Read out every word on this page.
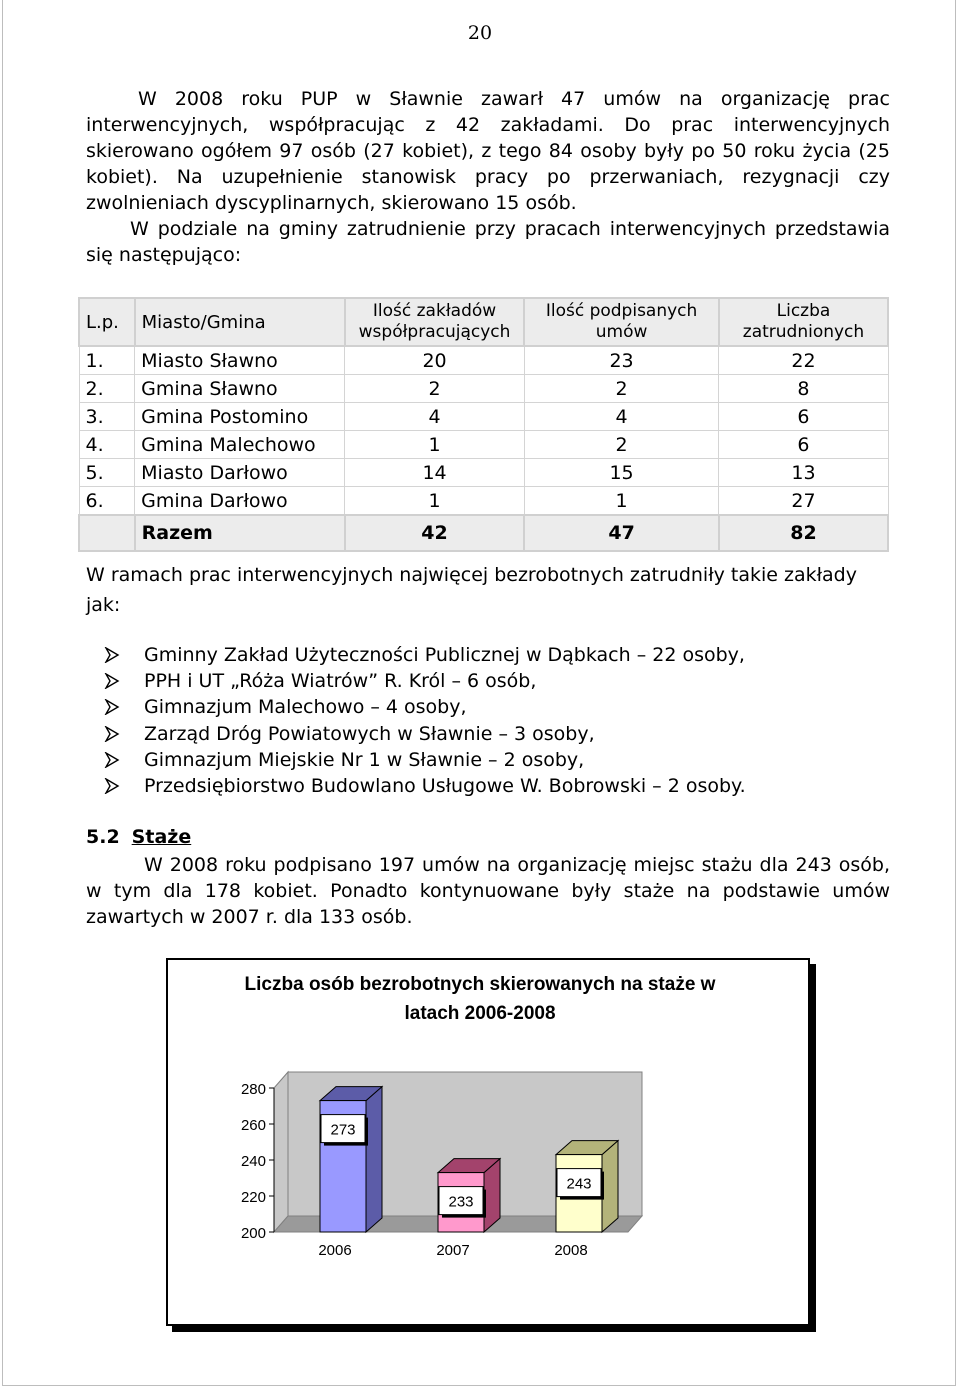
20

W 2008 roku PUP w Sławnie zawarł 47 umów na organizację prac interwencyjnych, współpracując z 42 zakładami. Do prac interwencyjnych skierowano ogółem 97 osób (27 kobiet), z tego 84 osoby były po 50 roku życia (25 kobiet). Na uzupełnienie stanowisk pracy po przerwaniach, rezygnacji czy zwolnieniach dyscyplinarnych, skierowano 15 osób.

W podziale na gminy zatrudnienie przy pracach interwencyjnych przedstawia się następująco:

L.p.	Miasto/Gmina	Ilość zakładów współpracujących	Ilość podpisanych umów	Liczba zatrudnionych
1.	Miasto Sławno	20	23	22
2.	Gmina Sławno	2	2	8
3.	Gmina Postomino	4	4	6
4.	Gmina Malechowo	1	2	6
5.	Miasto Darłowo	14	15	13
6.	Gmina Darłowo	1	1	27
	Razem	42	47	82

W ramach prac interwencyjnych najwięcej bezrobotnych zatrudniły takie zakłady jak:

Gminny Zakład Użyteczności Publicznej w Dąbkach – 22 osoby,
PPH i UT „Róża Wiatrów” R. Król – 6 osób,
Gimnazjum Malechowo – 4 osoby,
Zarząd Dróg Powiatowych w Sławnie – 3 osoby,
Gimnazjum Miejskie Nr 1 w Sławnie – 2 osoby,
Przedsiębiorstwo Budowlano Usługowe W. Bobrowski – 2 osoby.
5.2 Staże

W 2008 roku podpisano 197 umów na organizację miejsc stażu dla 243 osób, w tym dla 178 kobiet. Ponadto kontynuowane były staże na podstawie umów zawartych w 2007 r. dla 133 osób.

Liczba osób bezrobotnych skierowanych na staże w latach 2006-2008
200
220
240
260
280
273
2006
233
2007
243
2008
